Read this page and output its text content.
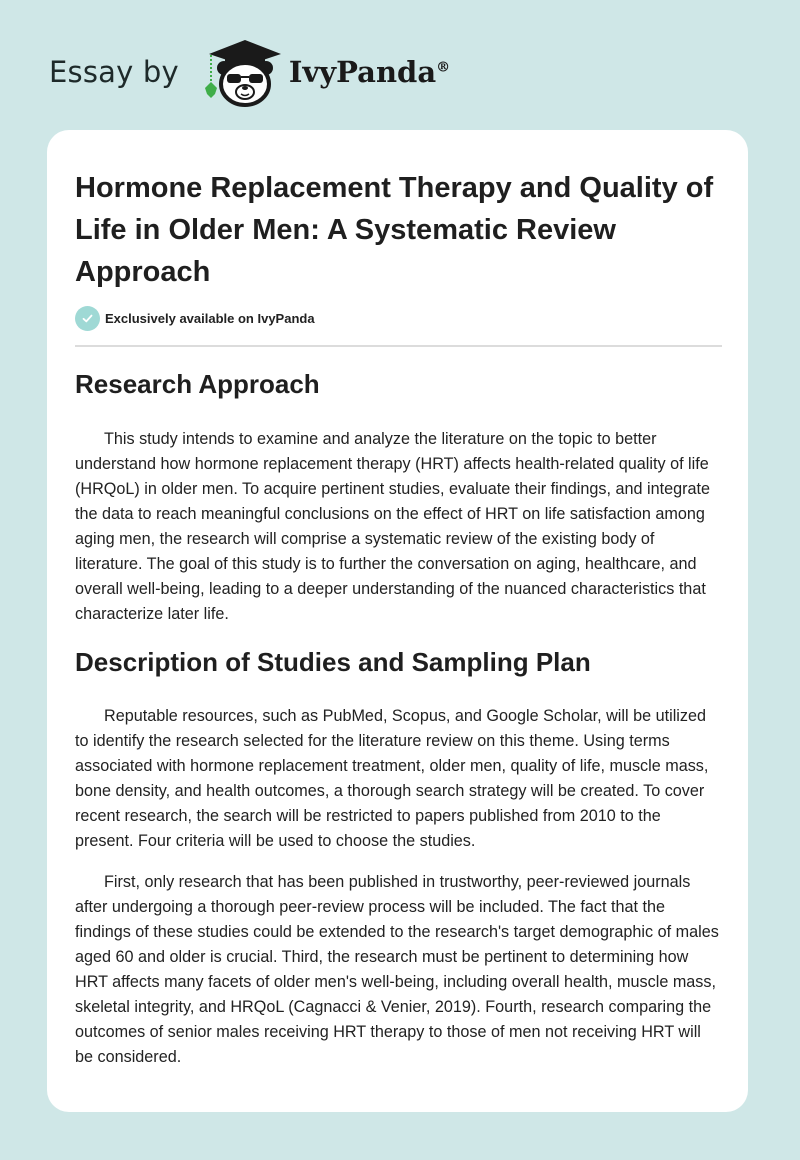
Essay by	IvyPanda®
Hormone Replacement Therapy and Quality of Life in Older Men: A Systematic Review Approach
Exclusively available on IvyPanda
Research Approach

This study intends to examine and analyze the literature on the topic to better understand how hormone replacement therapy (HRT) affects health-related quality of life (HRQoL) in older men. To acquire pertinent studies, evaluate their findings, and integrate the data to reach meaningful conclusions on the effect of HRT on life satisfaction among aging men, the research will comprise a systematic review of the existing body of literature. The goal of this study is to further the conversation on aging, healthcare, and overall well-being, leading to a deeper understanding of the nuanced characteristics that characterize later life.

Description of Studies and Sampling Plan

Reputable resources, such as PubMed, Scopus, and Google Scholar, will be utilized to identify the research selected for the literature review on this theme. Using terms associated with hormone replacement treatment, older men, quality of life, muscle mass, bone density, and health outcomes, a thorough search strategy will be created. To cover recent research, the search will be restricted to papers published from 2010 to the present. Four criteria will be used to choose the studies.

First, only research that has been published in trustworthy, peer-reviewed journals after undergoing a thorough peer-review process will be included. The fact that the findings of these studies could be extended to the research's target demographic of males aged 60 and older is crucial. Third, the research must be pertinent to determining how HRT affects many facets of older men's well-being, including overall health, muscle mass, skeletal integrity, and HRQoL (Cagnacci & Venier, 2019). Fourth, research comparing the outcomes of senior males receiving HRT therapy to those of men not receiving HRT will be considered.
